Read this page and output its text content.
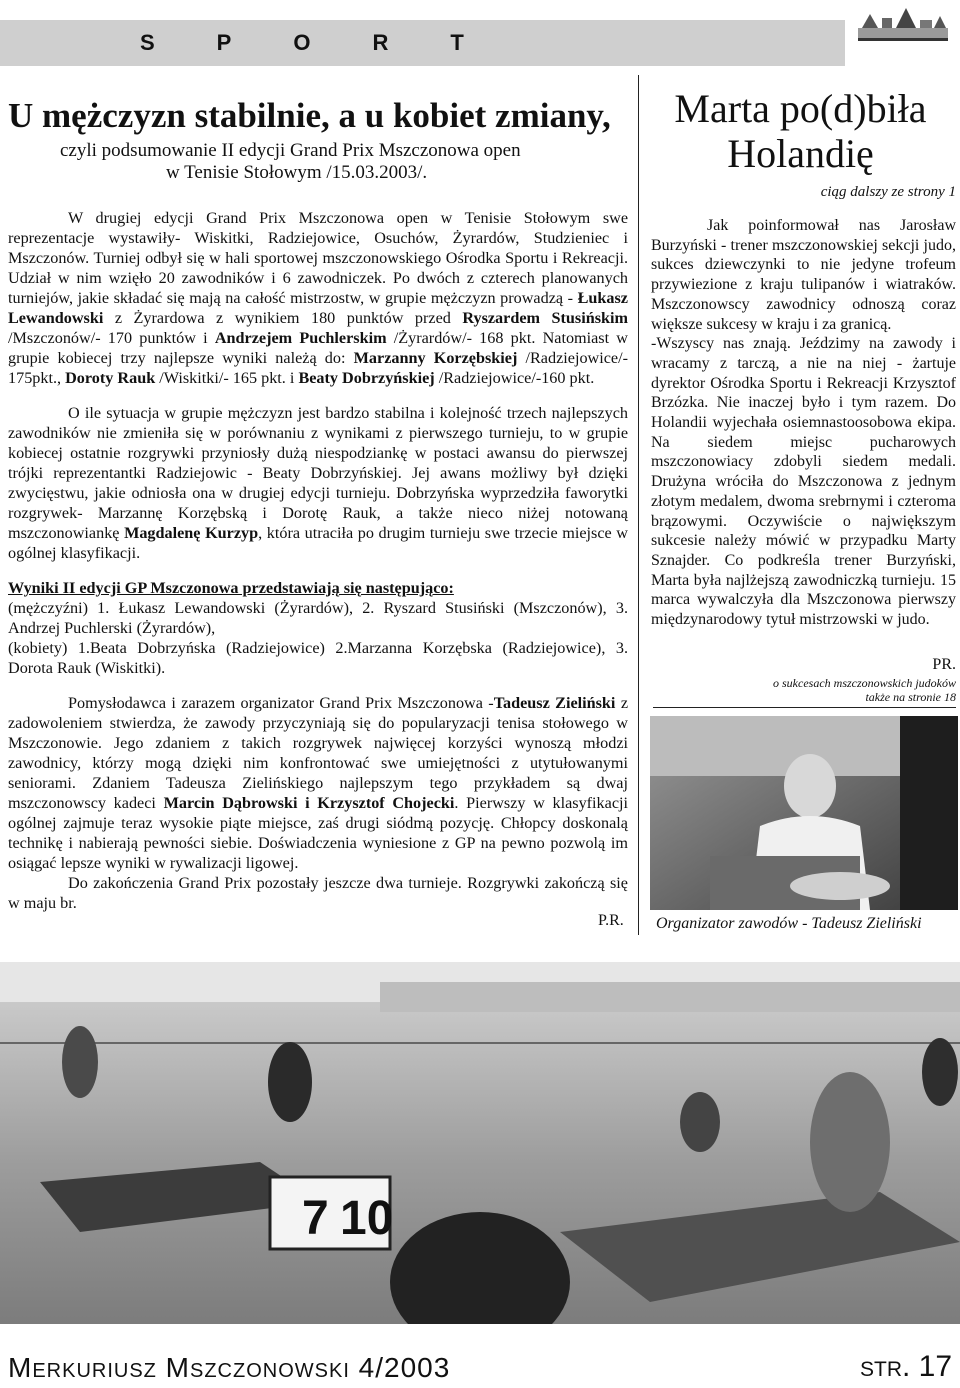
SPORT
U mężczyzn stabilnie, a u kobiet zmiany,
czyli podsumowanie II edycji Grand Prix Mszczonowa open
w Tenisie Stołowym /15.03.2003/.

W drugiej edycji Grand Prix Mszczonowa open w Tenisie Stołowym swe reprezentacje wystawiły- Wiskitki, Radziejowice, Osuchów, Żyrardów, Studzieniec i Mszczonów. Turniej odbył się w hali sportowej mszczonowskiego Ośrodka Sportu i Rekreacji. Udział w nim wzięło 20 zawodników i 6 zawodniczek. Po dwóch z czterech planowanych turniejów, jakie składać się mają na całość mistrzostw, w grupie mężczyzn prowadzą - Łukasz Lewandowski z Żyrardowa z wynikiem 180 punktów przed Ryszardem Stusińskim /Mszczonów/- 170 punktów i Andrzejem Puchlerskim /Żyrardów/- 168 pkt. Natomiast w grupie kobiecej trzy najlepsze wyniki należą do: Marzanny Korzębskiej /Radziejowice/- 175pkt., Doroty Rauk /Wiskitki/- 165 pkt. i Beaty Dobrzyńskiej /Radziejowice/-160 pkt.

O ile sytuacja w grupie mężczyzn jest bardzo stabilna i kolejność trzech najlepszych zawodników nie zmieniła się w porównaniu z wynikami z pierwszego turnieju, to w grupie kobiecej ostatnie rozgrywki przyniosły dużą niespodziankę w postaci awansu do pierwszej trójki reprezentantki Radziejowic - Beaty Dobrzyńskiej. Jej awans możliwy był dzięki zwycięstwu, jakie odniosła ona w drugiej edycji turnieju. Dobrzyńska wyprzedziła faworytki rozgrywek- Marzannę Korzębską i Dorotę Rauk, a także nieco niżej notowaną mszczonowiankę Magdalenę Kurzyp, która utraciła po drugim turnieju swe trzecie miejsce w ogólnej klasyfikacji.

Wyniki II edycji GP Mszczonowa przedstawiają się następująco:

(mężczyźni) 1. Łukasz Lewandowski (Żyrardów), 2. Ryszard Stusiński (Mszczonów), 3. Andrzej Puchlerski (Żyrardów),

(kobiety) 1.Beata Dobrzyńska (Radziejowice) 2.Marzanna Korzębska (Radziejowice), 3. Dorota Rauk (Wiskitki).

Pomysłodawca i zarazem organizator Grand Prix Mszczonowa -Tadeusz Zieliński z zadowoleniem stwierdza, że zawody przyczyniają się do popularyzacji tenisa stołowego w Mszczonowie. Jego zdaniem z takich rozgrywek najwięcej korzyści wynoszą młodzi zawodnicy, którzy mogą dzięki nim konfrontować swe umiejętności z utytułowanymi seniorami. Zdaniem Tadeusza Zielińskiego najlepszym tego przykładem są dwaj mszczonowscy kadeci Marcin Dąbrowski i Krzysztof Chojecki. Pierwszy w klasyfikacji ogólnej zajmuje teraz wysokie piąte miejsce, zaś drugi siódmą pozycję. Chłopcy doskonalą technikę i nabierają pewności siebie. Doświadczenia wyniesione z GP na pewno pozwolą im osiągać lepsze wyniki w rywalizacji ligowej.

Do zakończenia Grand Prix pozostały jeszcze dwa turnieje. Rozgrywki zakończą się w maju br.

P.R.
Marta po(d)biła
Holandię
ciąg dalszy ze strony 1

Jak poinformował nas Jarosław Burzyński - trener mszczonowskiej sekcji judo, sukces dziewczynki to nie jedyne trofeum przywiezione z kraju tulipanów i wiatraków. Mszczonowscy zawodnicy odnoszą coraz większe sukcesy w kraju i za granicą.

-Wszyscy nas znają. Jeździmy na zawody i wracamy z tarczą, a nie na niej - żartuje dyrektor Ośrodka Sportu i Rekreacji Krzysztof Brzózka. Nie inaczej było i tym razem. Do Holandii wyjechała osiemnastoosobowa ekipa. Na siedem miejsc pucharowych mszczonowiacy zdobyli siedem medali. Drużyna wróciła do Mszczonowa z jednym złotym medalem, dwoma srebrnymi i czteroma brązowymi. Oczywiście o największym sukcesie należy mówić w przypadku Marty Sznajder. Co podkreśla trener Burzyński, Marta była najlżejszą zawodniczką turnieju. 15 marca wywalczyła dla Mszczonowa pierwszy międzynarodowy tytuł mistrzowski w judo.

PR.
o sukcesach mszczonowskich judoków
także na stronie 18
Organizator zawodów - Tadeusz Zieliński
7 10
Merkuriusz Mszczonowski 4/2003	str. 17
